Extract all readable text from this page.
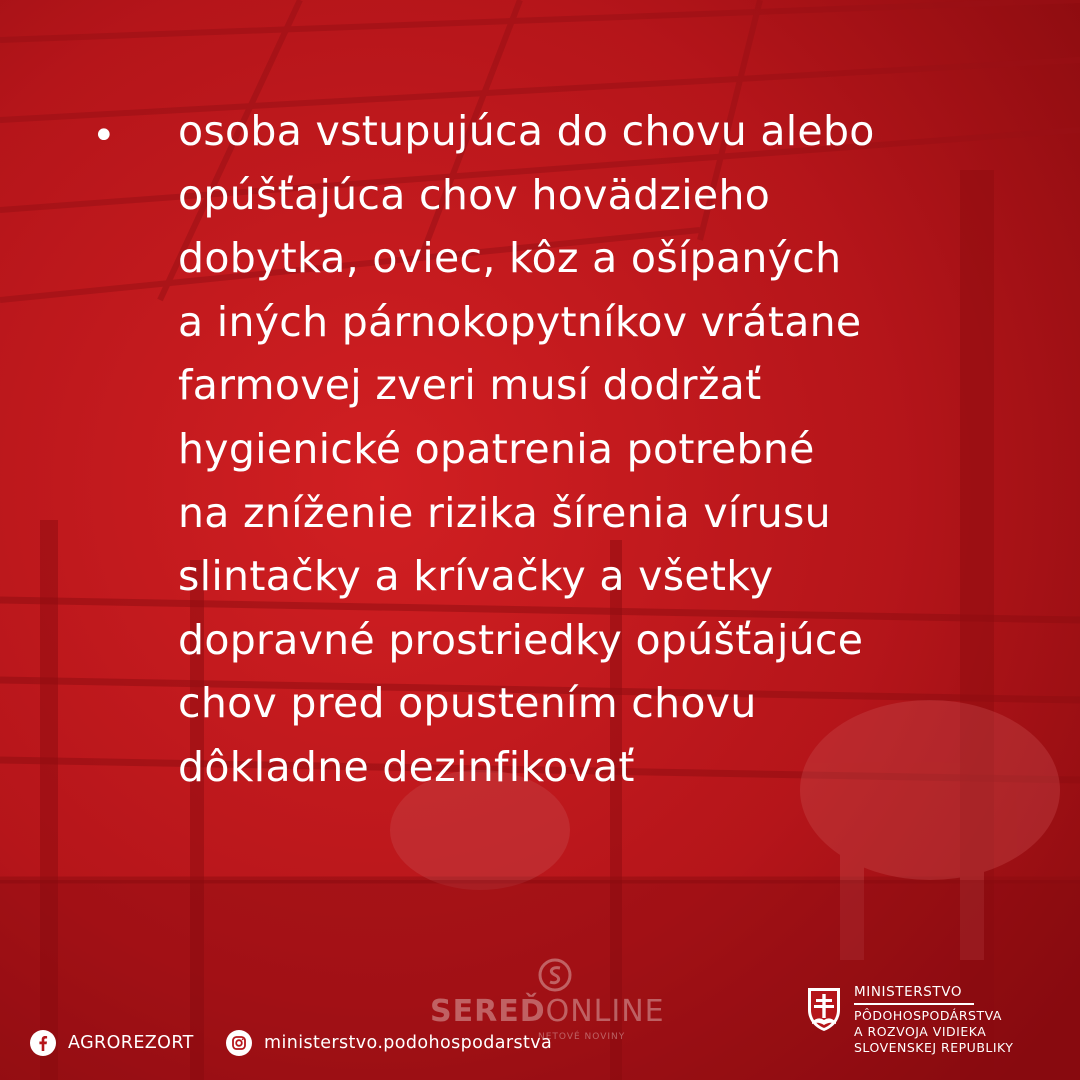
• osoba vstupujúca do chovu alebo
opúšťajúca chov hovädzieho
dobytka, oviec, kôz a ošípaných
a iných párnokopytníkov vrátane
farmovej zveri musí dodržať
hygienické opatrenia potrebné
na zníženie rizika šírenia vírusu
slintačky a krívačky a všetky
dopravné prostriedky opúšťajúce
chov pred opustením chovu
dôkladne dezinfikovať
SEREĎONLINE
NETOVÉ NOVINY
AGROREZORT	ministerstvo.podohospodarstva
MINISTERSTVO
PÔDOHOSPODÁRSTVA
A ROZVOJA VIDIEKA
SLOVENSKEJ REPUBLIKY
